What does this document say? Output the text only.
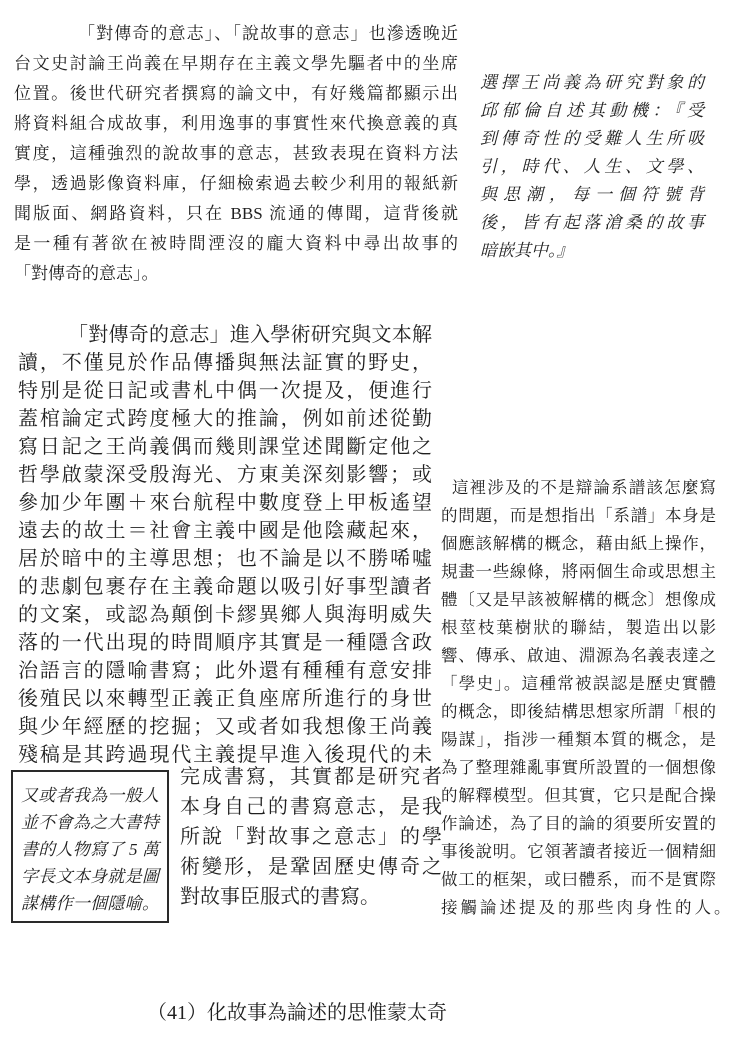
「對傳奇的意志」、「說故事的意志」也滲透晚近
台文史討論王尚義在早期存在主義文學先驅者中的坐席
位置。後世代研究者撰寫的論文中，有好幾篇都顯示出
將資料組合成故事，利用逸事的事實性來代換意義的真
實度，這種強烈的說故事的意志，甚致表現在資料方法
學，透過影像資料庫，仔細檢索過去較少利用的報紙新
聞版面、網路資料，只在 BBS 流通的傳聞，這背後就
是一種有著欲在被時間湮沒的龐大資料中尋出故事的
「對傳奇的意志」。
選擇王尚義為研究對象的
邱郁倫自述其動機：『受
到傳奇性的受難人生所吸
引，時代、人生、文學、
與思潮，每一個符號背
後，皆有起落滄桑的故事
暗嵌其中。』
「對傳奇的意志」進入學術研究與文本解
讀，不僅見於作品傳播與無法証實的野史，
特別是從日記或書札中偶一次提及，便進行
蓋棺論定式跨度極大的推論，例如前述從勤
寫日記之王尚義偶而幾則課堂述聞斷定他之
哲學啟蒙深受殷海光、方東美深刻影響；或
參加少年團＋來台航程中數度登上甲板遙望
遠去的故土＝社會主義中國是他陰藏起來，
居於暗中的主導思想；也不論是以不勝唏噓
的悲劇包裹存在主義命題以吸引好事型讀者
的文案，或認為顛倒卡繆異鄉人與海明威失
落的一代出現的時間順序其實是一種隱含政
治語言的隱喻書寫；此外還有種種有意安排
後殖民以來轉型正義正負座席所進行的身世
與少年經歷的挖掘；又或者如我想像王尚義
殘稿是其跨過現代主義提早進入後現代的未
這裡涉及的不是辯論系譜該怎麼寫
的問題，而是想指出「系譜」本身是
個應該解構的概念，藉由紙上操作，
規畫一些線條，將兩個生命或思想主
體〔又是早該被解構的概念〕想像成
根莖枝葉樹狀的聯結，製造出以影
響、傳承、啟迪、淵源為名義表達之
「學史」。這種常被誤認是歷史實體
的概念，即後結構思想家所謂「根的
陽謀」，指涉一種類本質的概念，是
為了整理雜亂事實所設置的一個想像
的解釋模型。但其實，它只是配合操
作論述，為了目的論的須要所安置的
事後說明。它領著讀者接近一個精細
做工的框架，或曰體系，而不是實際
接觸論述提及的那些肉身性的人。
又或者我為一般人
並不會為之大書特
書的人物寫了 5 萬
字長文本身就是圖
謀構作一個隱喻。
完成書寫，其實都是研究者
本身自己的書寫意志，是我
所說「對故事之意志」的學
術變形，是鞏固歷史傳奇之
對故事臣服式的書寫。
（41）化故事為論述的思惟蒙太奇
